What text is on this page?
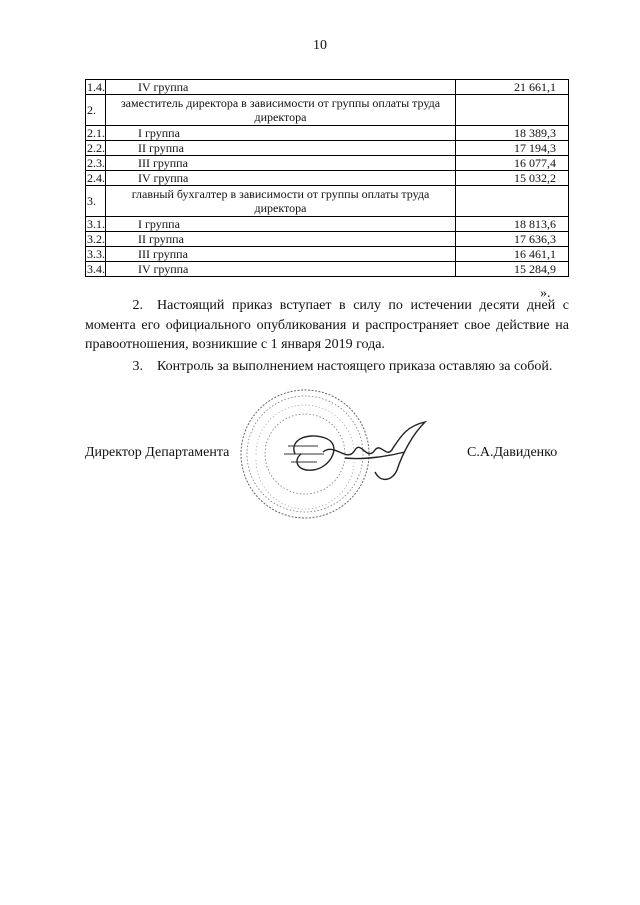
10
1.4.	IV группа	21 661,1
2.	заместитель директора в зависимости от группы оплаты труда директора	
2.1.	I группа	18 389,3
2.2.	II группа	17 194,3
2.3.	III группа	16 077,4
2.4.	IV группа	15 032,2
3.	главный бухгалтер в зависимости от группы оплаты труда директора	
3.1.	I группа	18 813,6
3.2.	II группа	17 636,3
3.3.	III группа	16 461,1
3.4.	IV группа	15 284,9
».
2. Настоящий приказ вступает в силу по истечении десяти дней с момента его официального опубликования и распространяет свое действие на правоотношения, возникшие с 1 января 2019 года.
3. Контроль за выполнением настоящего приказа оставляю за собой.
Директор Департамента	С.А.Давиденко
